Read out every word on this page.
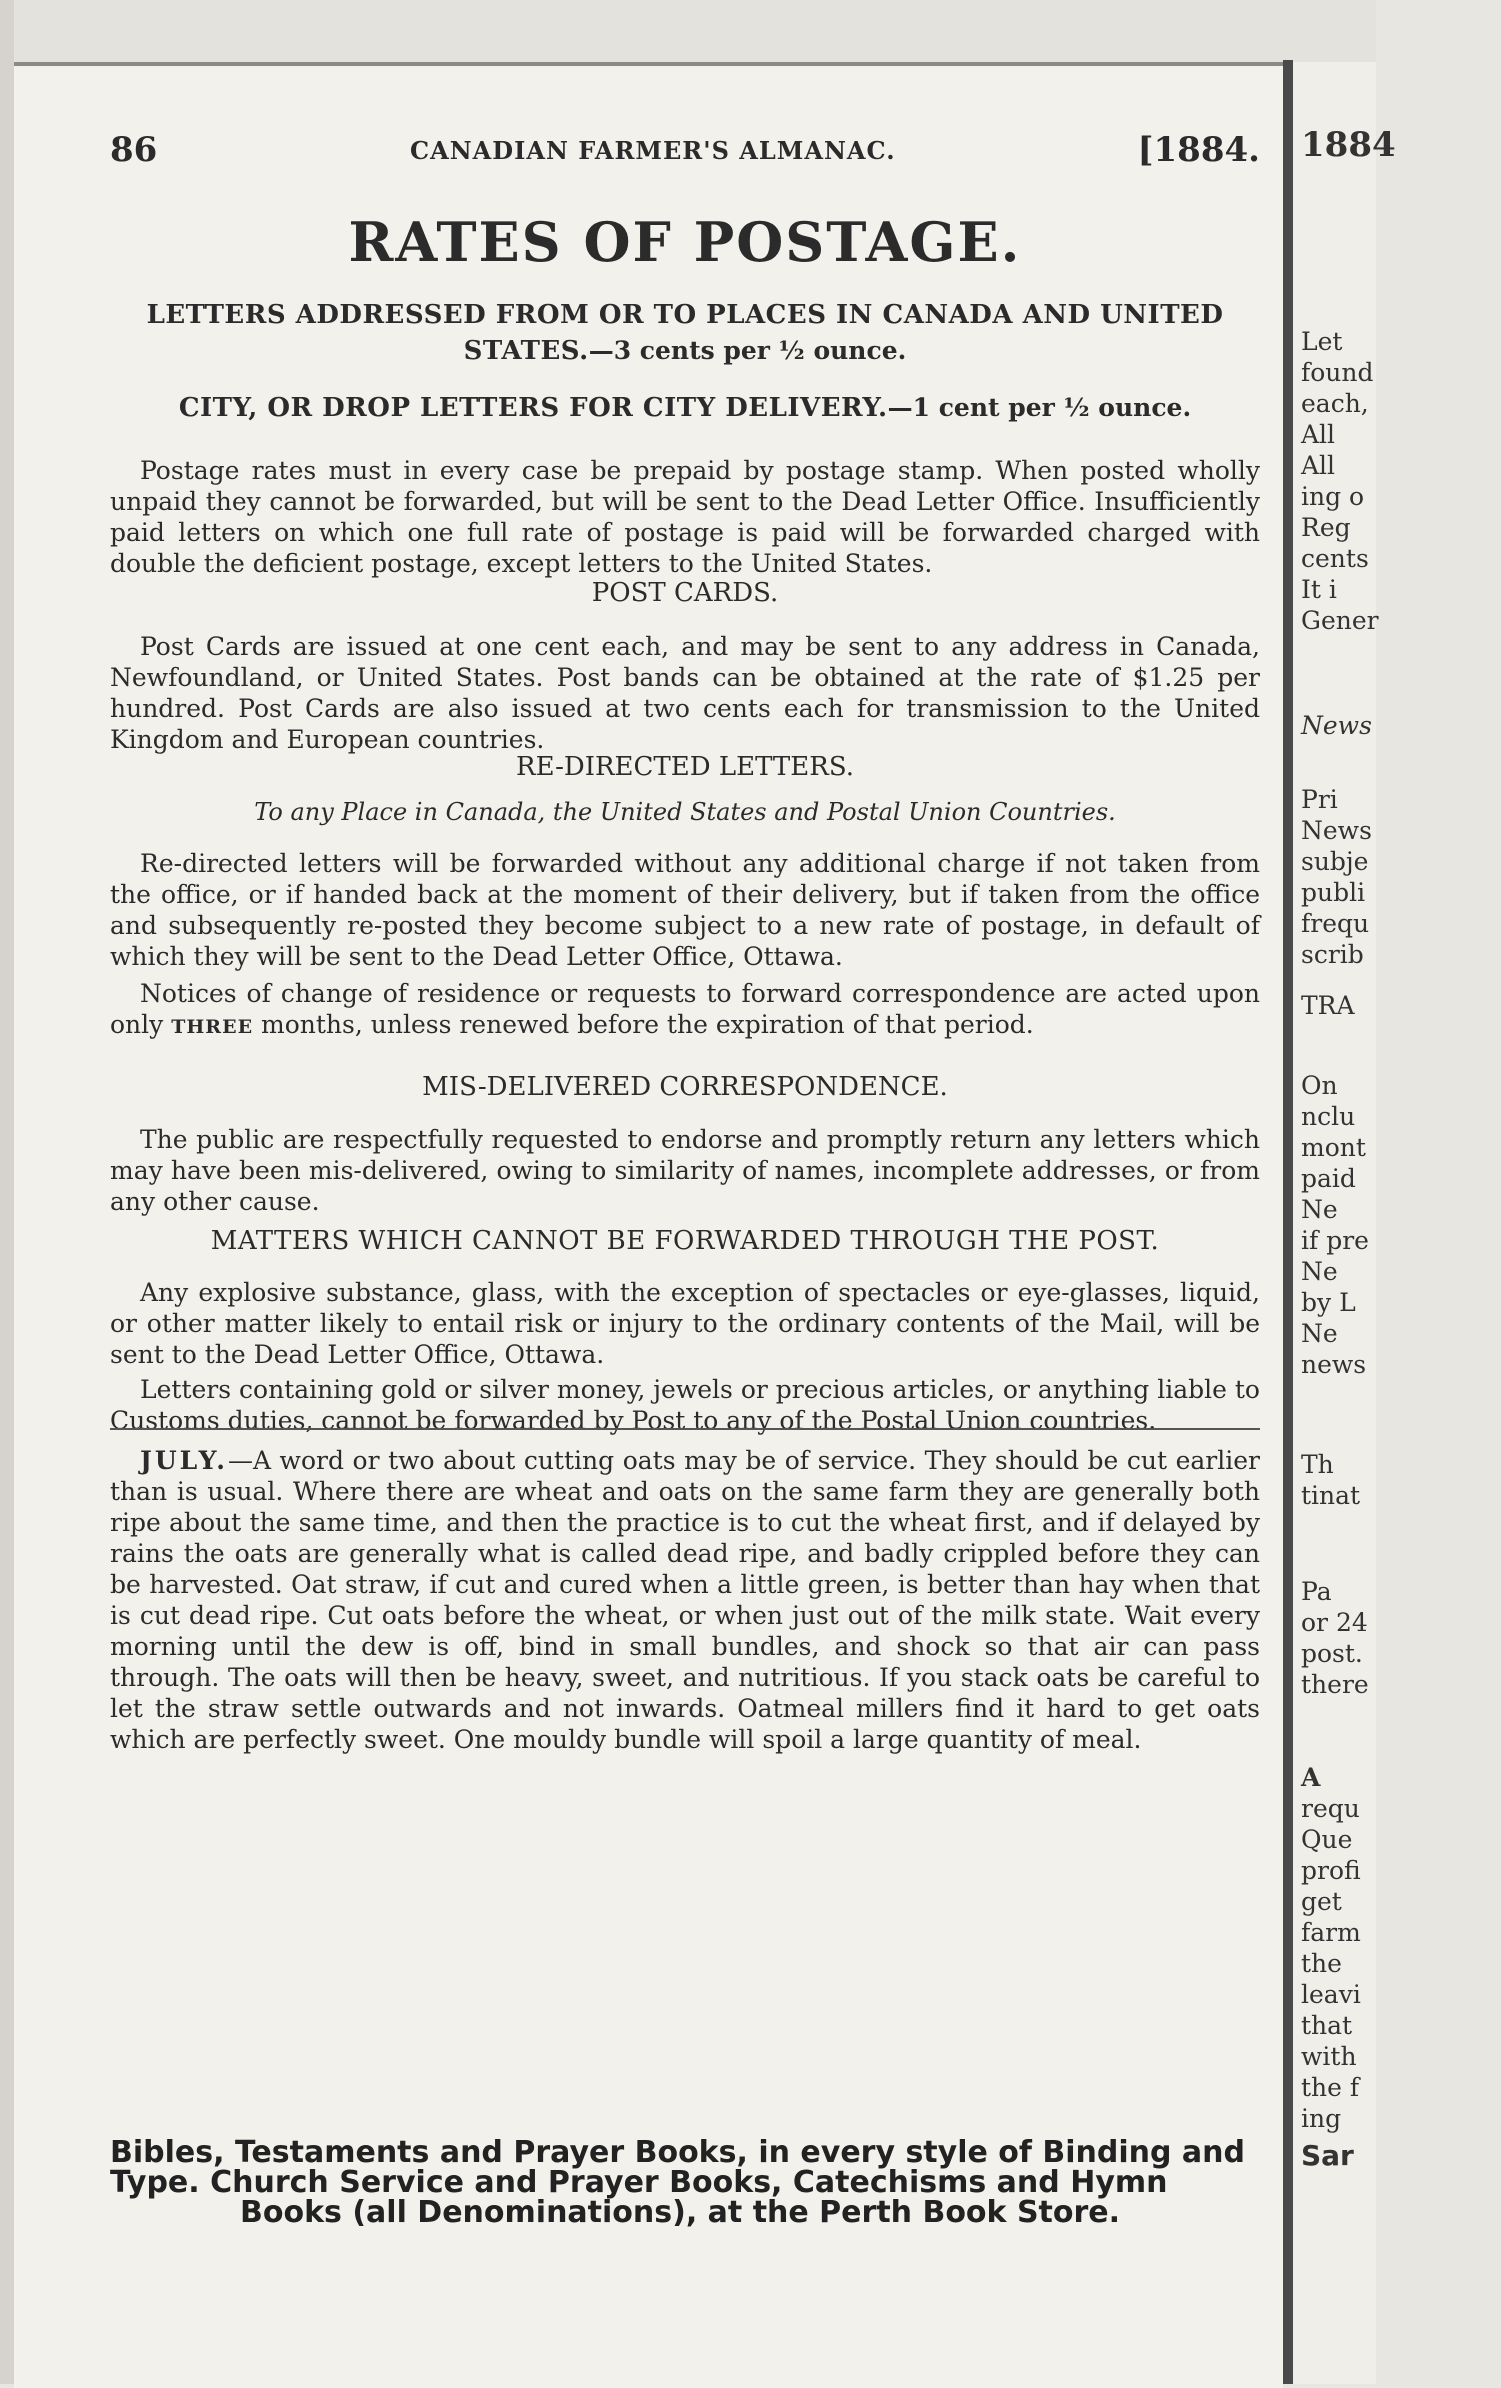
86	CANADIAN FARMER'S ALMANAC.	[1884.
RATES OF POSTAGE.
LETTERS ADDRESSED FROM OR TO PLACES IN CANADA AND UNITED
STATES.—3 cents per ½ ounce.
CITY, OR DROP LETTERS FOR CITY DELIVERY.—1 cent per ½ ounce.

Postage rates must in every case be prepaid by postage stamp. When posted wholly unpaid they cannot be forwarded, but will be sent to the Dead Letter Office. Insufficiently paid letters on which one full rate of postage is paid will be forwarded charged with double the deficient postage, except letters to the United States.

POST CARDS.

Post Cards are issued at one cent each, and may be sent to any address in Canada, Newfoundland, or United States. Post bands can be obtained at the rate of $1.25 per hundred. Post Cards are also issued at two cents each for transmission to the United Kingdom and European countries.

RE-DIRECTED LETTERS.
To any Place in Canada, the United States and Postal Union Countries.

Re-directed letters will be forwarded without any additional charge if not taken from the office, or if handed back at the moment of their delivery, but if taken from the office and subsequently re-posted they become subject to a new rate of postage, in default of which they will be sent to the Dead Letter Office, Ottawa.

Notices of change of residence or requests to forward correspondence are acted upon only THREE months, unless renewed before the expiration of that period.

MIS-DELIVERED CORRESPONDENCE.

The public are respectfully requested to endorse and promptly return any letters which may have been mis-delivered, owing to similarity of names, incomplete addresses, or from any other cause.

MATTERS WHICH CANNOT BE FORWARDED THROUGH THE POST.

Any explosive substance, glass, with the exception of spectacles or eye-glasses, liquid, or other matter likely to entail risk or injury to the ordinary contents of the Mail, will be sent to the Dead Letter Office, Ottawa.

Letters containing gold or silver money, jewels or precious articles, or anything liable to Customs duties, cannot be forwarded by Post to any of the Postal Union countries.

JULY.—A word or two about cutting oats may be of service. They should be cut earlier than is usual. Where there are wheat and oats on the same farm they are generally both ripe about the same time, and then the practice is to cut the wheat first, and if delayed by rains the oats are generally what is called dead ripe, and badly crippled before they can be harvested. Oat straw, if cut and cured when a little green, is better than hay when that is cut dead ripe. Cut oats before the wheat, or when just out of the milk state. Wait every morning until the dew is off, bind in small bundles, and shock so that air can pass through. The oats will then be heavy, sweet, and nutritious. If you stack oats be careful to let the straw settle outwards and not inwards. Oatmeal millers find it hard to get oats which are perfectly sweet. One mouldy bundle will spoil a large quantity of meal.

Bibles, Testaments and Prayer Books, in every style of Binding and
Type. Church Service and Prayer Books, Catechisms and Hymn
Books (all Denominations), at the Perth Book Store.
1884
Let
found
each,
All
All
ing o
Reg
cents
It i
Gener
News
Pri
News
subje
publi
frequ
scrib
TRA
On
nclu
mont
paid
Ne
if pre
Ne
by L
Ne
news
Th
tinat
Pa
or 24
post.
there
A
requ
Que
profi
get
farm
the
leavi
that
with
the f
ing
Sar
